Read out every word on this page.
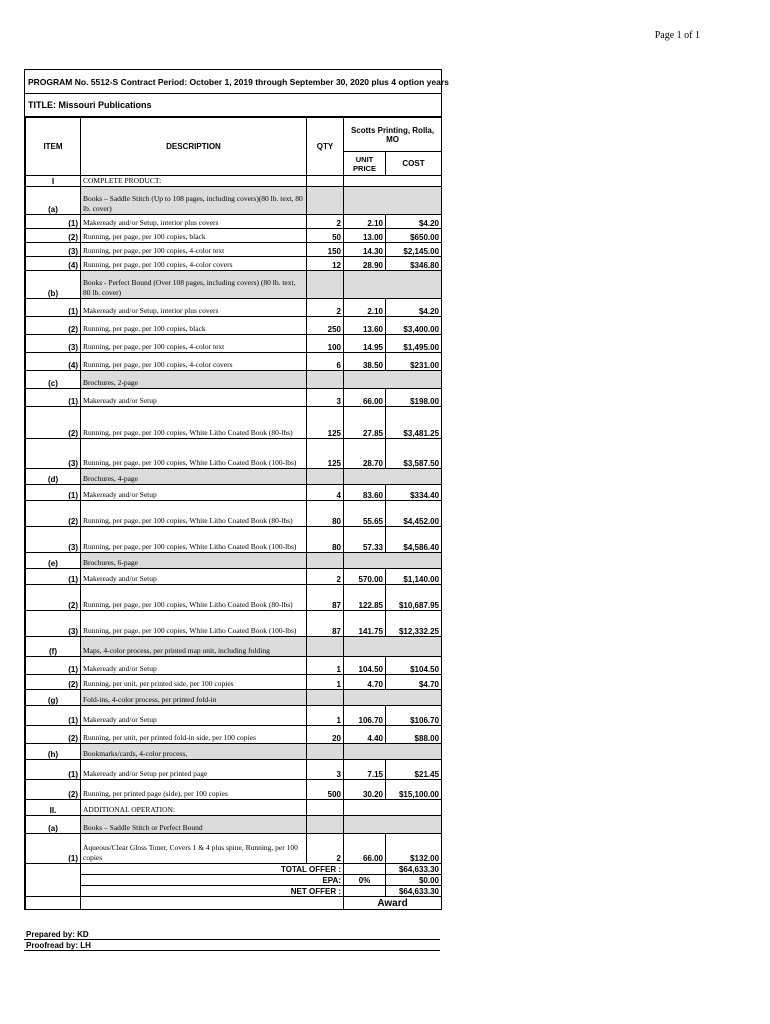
Page 1 of 1
PROGRAM No. 5512-S Contract Period: October 1, 2019 through September 30, 2020 plus 4 option years
TITLE: Missouri Publications
ITEM	DESCRIPTION	QTY	Scotts Printing, Rolla, MO	
			UNIT PRICE	COST
I	COMPLETE PRODUCT:			
(a)	Books – Saddle Stitch (Up to 108 pages, including covers)(80 lb. text, 80 lb. cover)			
(1)	Makeready and/or Setup, interior plus covers	2	2.10	$4.20
(2)	Running, per page, per 100 copies, black	50	13.00	$650.00
(3)	Running, per page, per 100 copies, 4-color text	150	14.30	$2,145.00
(4)	Running, per page, per 100 copies, 4-color covers	12	28.90	$346.80
(b)	Books - Perfect Bound (Over 108 pages, including covers) (80 lb. text, 80 lb. cover)			
(1)	Makeready and/or Setup, interior plus covers	2	2.10	$4.20
(2)	Running, per page, per 100 copies, black	250	13.60	$3,400.00
(3)	Running, per page, per 100 copies, 4-color text	100	14.95	$1,495.00
(4)	Running, per page, per 100 copies, 4-color covers	6	38.50	$231.00
(c)	Brochures, 2-page			
(1)	Makeready and/or Setup	3	66.00	$198.00
(2)	Running, per page, per 100 copies, White Litho Coated Book (80-lbs)	125	27.85	$3,481.25
(3)	Running, per page, per 100 copies, White Litho Coated Book (100-lbs)	125	28.70	$3,587.50
(d)	Brochures, 4-page			
(1)	Makeready and/or Setup	4	83.60	$334.40
(2)	Running, per page, per 100 copies, White Litho Coated Book (80-lbs)	80	55.65	$4,452.00
(3)	Running, per page, per 100 copies, White Litho Coated Book (100-lbs)	80	57.33	$4,586.40
(e)	Brochures, 6-page			
(1)	Makeready and/or Setup	2	570.00	$1,140.00
(2)	Running, per page, per 100 copies, White Litho Coated Book (80-lbs)	87	122.85	$10,687.95
(3)	Running, per page, per 100 copies, White Litho Coated Book (100-lbs)	87	141.75	$12,332.25
(f)	Maps, 4-color process, per printed map unit, including folding			
(1)	Makeready and/or Setup	1	104.50	$104.50
(2)	Running, per unit, per printed side, per 100 copies	1	4.70	$4.70
(g)	Fold-ins, 4-color process, per printed fold-in			
(1)	Makeready and/or Setup	1	106.70	$106.70
(2)	Running, per unit, per printed fold-in side, per 100 copies	20	4.40	$88.00
(h)	Bookmarks/cards, 4-color process,			
(1)	Makeready and/or Setup per printed page	3	7.15	$21.45
(2)	Running, per printed page (side), per 100 copies	500	30.20	$15,100.00
II.	ADDITIONAL OPERATION:			
(a)	Books – Saddle Stitch or Perfect Bound			
(1)	Aqueous/Clear Gloss Toner, Covers 1 & 4 plus spine, Running, per 100 copies	2	66.00	$132.00
	TOTAL OFFER :			$64,633.30
	EPA:		0%	$0.00
	NET OFFER :			$64,633.30
			Award	
Prepared by: KD
Proofread by: LH
